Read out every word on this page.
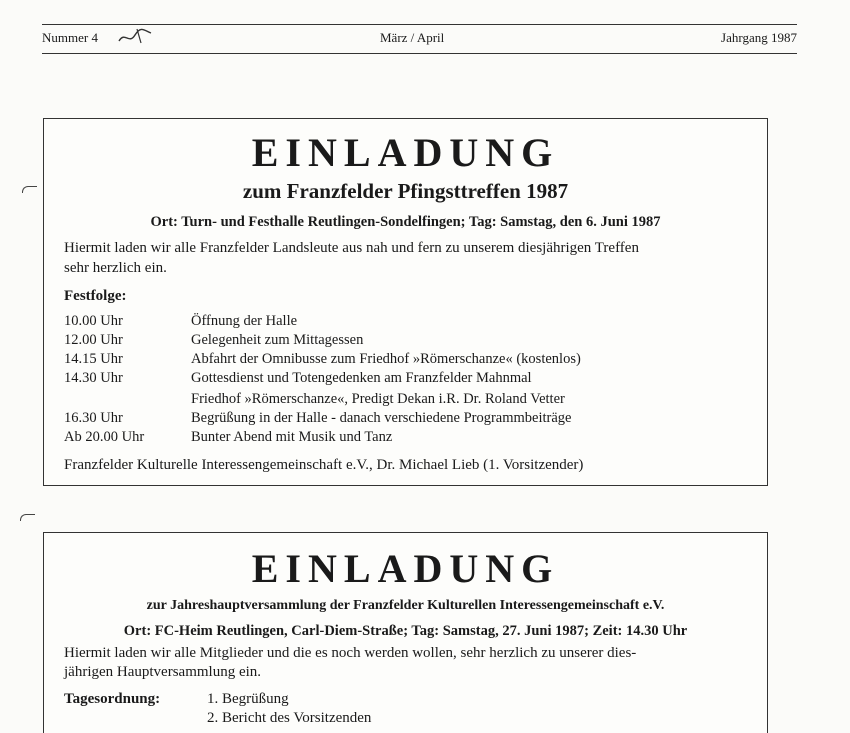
Nummer 4	März / April	Jahrgang 1987
EINLADUNG
zum Franzfelder Pfingsttreffen 1987
Ort: Turn- und Festhalle Reutlingen-Sondelfingen; Tag: Samstag, den 6. Juni 1987
Hiermit laden wir alle Franzfelder Landsleute aus nah und fern zu unserem diesjährigen Treffen
sehr herzlich ein.
Festfolge:
10.00 Uhr	Öffnung der Halle
12.00 Uhr	Gelegenheit zum Mittagessen
14.15 Uhr	Abfahrt der Omnibusse zum Friedhof »Römerschanze« (kostenlos)
14.30 Uhr	Gottesdienst und Totengedenken am Franzfelder Mahnmal
Friedhof »Römerschanze«, Predigt Dekan i.R. Dr. Roland Vetter
16.30 Uhr	Begrüßung in der Halle - danach verschiedene Programmbeiträge
Ab 20.00 Uhr	Bunter Abend mit Musik und Tanz
Franzfelder Kulturelle Interessengemeinschaft e.V., Dr. Michael Lieb (1. Vorsitzender)
EINLADUNG
zur Jahreshauptversammlung der Franzfelder Kulturellen Interessengemeinschaft e.V.
Ort: FC-Heim Reutlingen, Carl-Diem-Straße; Tag: Samstag, 27. Juni 1987; Zeit: 14.30 Uhr
Hiermit laden wir alle Mitglieder und die es noch werden wollen, sehr herzlich zu unserer dies-
jährigen Hauptversammlung ein.
Tagesordnung:	1. Begrüßung
2. Bericht des Vorsitzenden
